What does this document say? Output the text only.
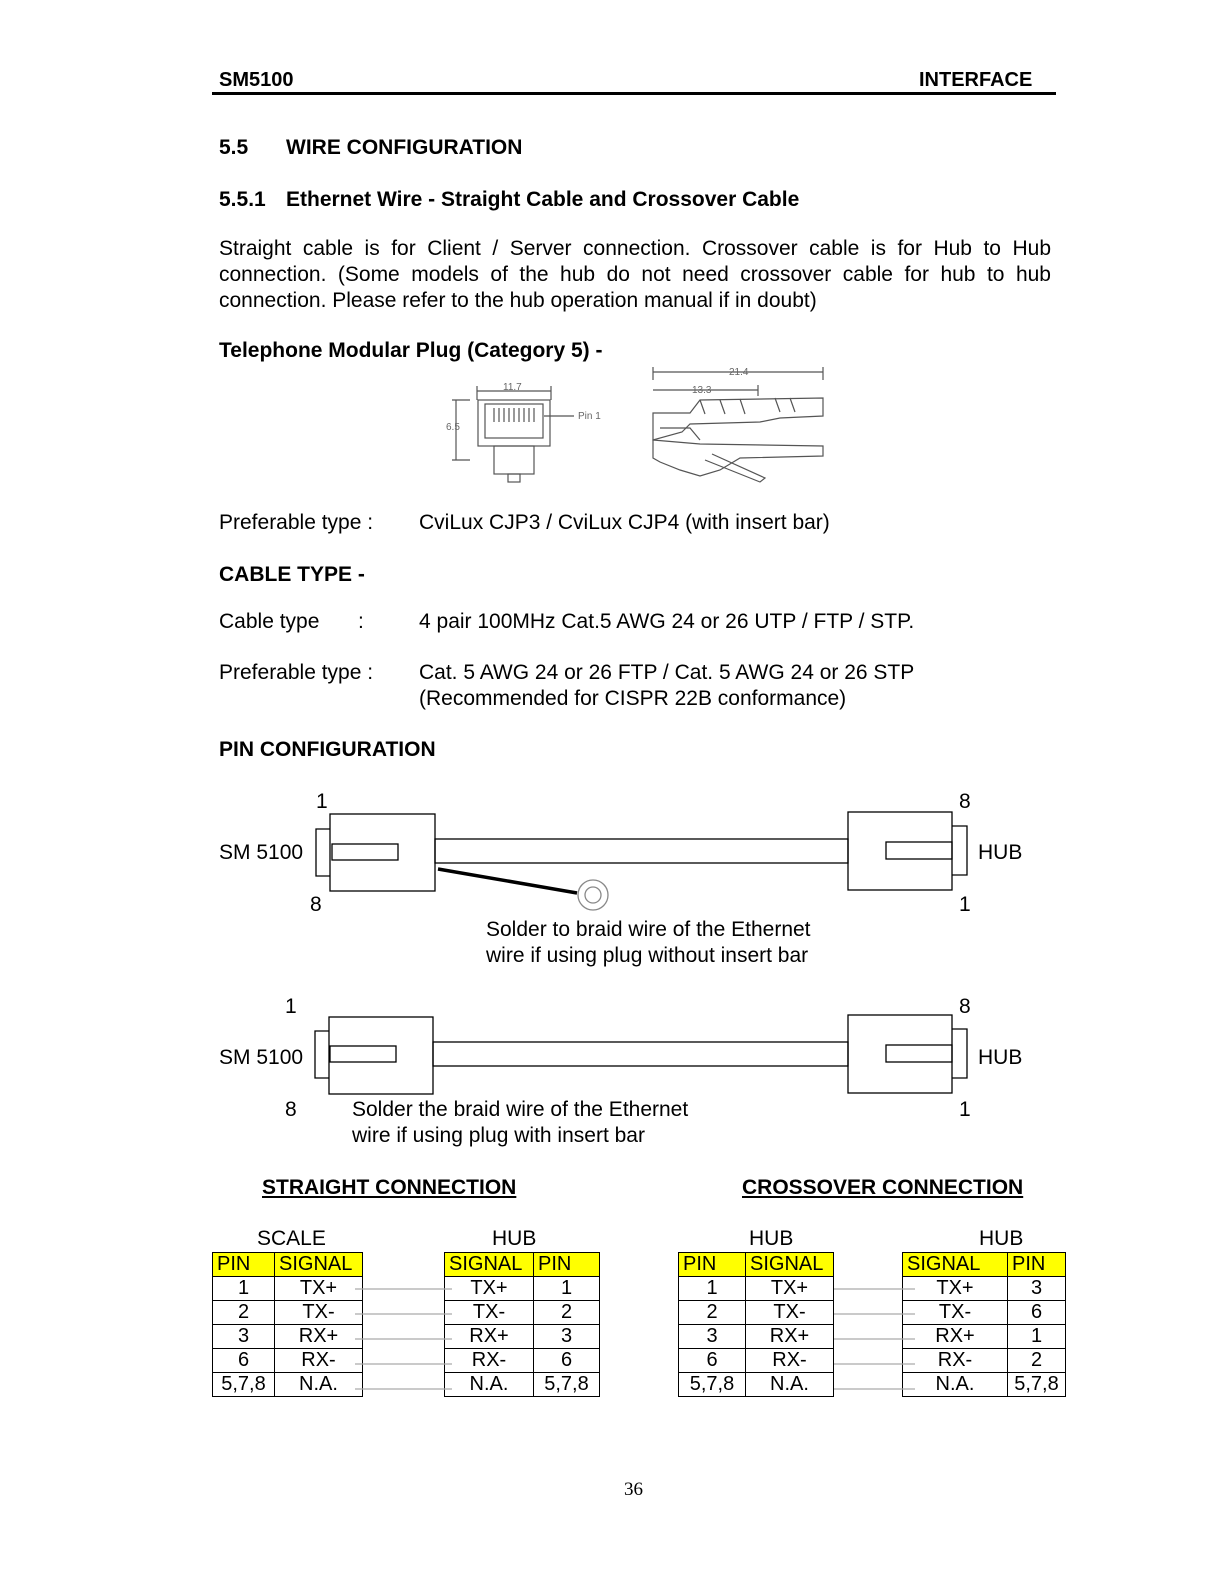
SM5100	INTERFACE
5.5 WIRE CONFIGURATION
5.5.1 Ethernet Wire - Straight Cable and Crossover Cable
Straight cable is for Client / Server connection. Crossover cable is for Hub to Hub
connection. (Some models of the hub do not need crossover cable for hub to hub
connection. Please refer to the hub operation manual if in doubt)
Telephone Modular Plug (Category 5) -
11.7
6.5
Pin 1
21.4
13.3
Preferable type : CviLux CJP3 / CviLux CJP4 (with insert bar)
CABLE TYPE -
Cable type :	4 pair 100MHz Cat.5 AWG 24 or 26 UTP / FTP / STP.
Preferable type : Cat. 5 AWG 24 or 26 FTP / Cat. 5 AWG 24 or 26 STP
(Recommended for CISPR 22B conformance)
PIN CONFIGURATION
1
8
8
1
SM 5100	HUB
Solder to braid wire of the Ethernet
wire if using plug without insert bar
1
8
8
1
SM 5100	HUB
Solder the braid wire of the Ethernet
wire if using plug with insert bar
STRAIGHT CONNECTION	CROSSOVER CONNECTION
SCALE	HUB	HUB	HUB
PIN	SIGNAL
1	TX+
2	TX-
3	RX+
6	RX-
5,7,8	N.A.
SIGNAL	PIN
TX+	1
TX-	2
RX+	3
RX-	6
N.A.	5,7,8
PIN	SIGNAL
1	TX+
2	TX-
3	RX+
6	RX-
5,7,8	N.A.
SIGNAL	PIN
TX+	3
TX-	6
RX+	1
RX-	2
N.A.	5,7,8
36
